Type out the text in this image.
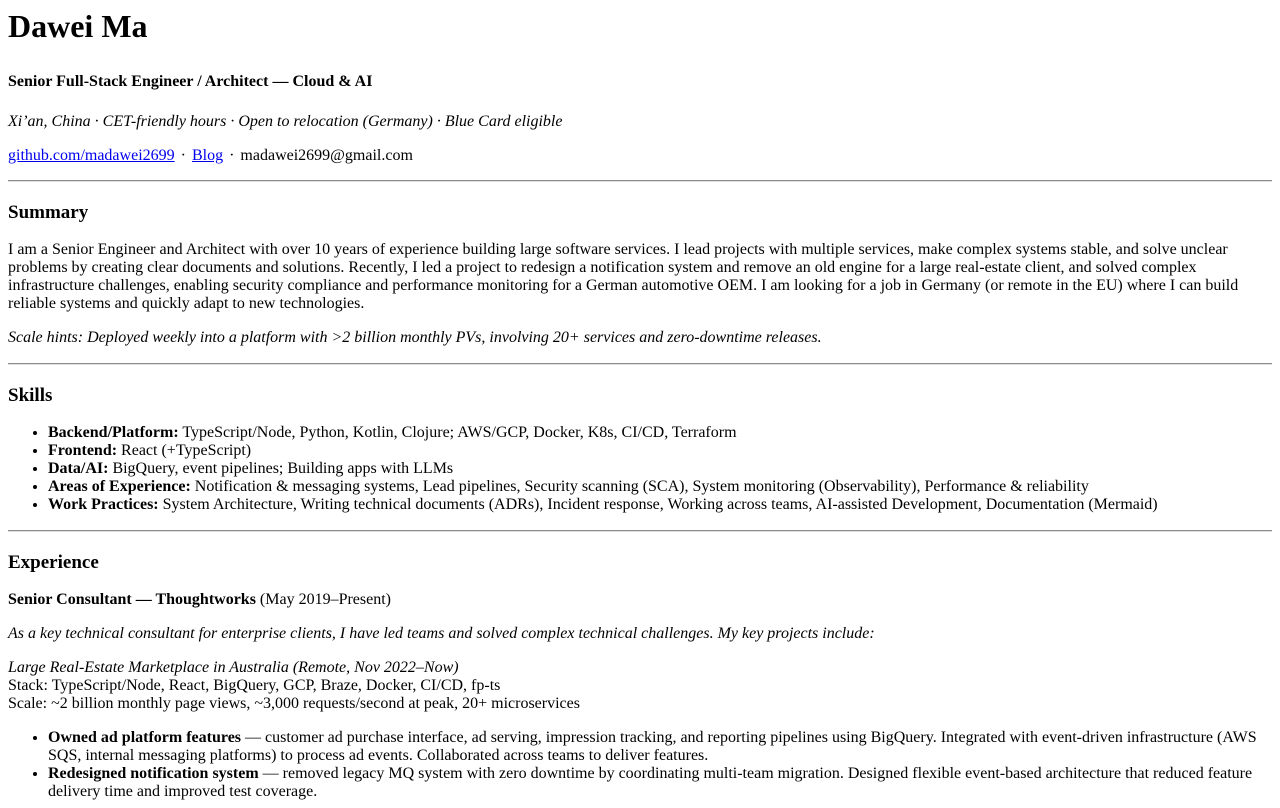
Dawei Ma

Senior Full-Stack Engineer / Architect — Cloud & AI

Xi’an, China · CET-friendly hours · Open to relocation (Germany) · Blue Card eligible

github.com/madawei2699 · Blog · madawei2699@gmail.com

Summary

I am a Senior Engineer and Architect with over 10 years of experience building large software services. I lead projects with multiple services, make complex systems stable, and solve unclear problems by creating clear documents and solutions. Recently, I led a project to redesign a notification system and remove an old engine for a large real-estate client, and solved complex infrastructure challenges, enabling security compliance and performance monitoring for a German automotive OEM. I am looking for a job in Germany (or remote in the EU) where I can build reliable systems and quickly adapt to new technologies.

Scale hints: Deployed weekly into a platform with >2 billion monthly PVs, involving 20+ services and zero-downtime releases.

Skills
• Backend/Platform: TypeScript/Node, Python, Kotlin, Clojure; AWS/GCP, Docker, K8s, CI/CD, Terraform
• Frontend: React (+TypeScript)
• Data/AI: BigQuery, event pipelines; Building apps with LLMs
• Areas of Experience: Notification & messaging systems, Lead pipelines, Security scanning (SCA), System monitoring (Observability), Performance & reliability
• Work Practices: System Architecture, Writing technical documents (ADRs), Incident response, Working across teams, AI-assisted Development, Documentation (Mermaid)
Experience

Senior Consultant — Thoughtworks (May 2019–Present)

As a key technical consultant for enterprise clients, I have led teams and solved complex technical challenges. My key projects include:

Large Real-Estate Marketplace in Australia (Remote, Nov 2022–Now)
Stack: TypeScript/Node, React, BigQuery, GCP, Braze, Docker, CI/CD, fp-ts
Scale: ~2 billion monthly page views, ~3,000 requests/second at peak, 20+ microservices

• Owned ad platform features — customer ad purchase interface, ad serving, impression tracking, and reporting pipelines using BigQuery. Integrated with event-driven infrastructure (AWS SQS, internal messaging platforms) to process ad events. Collaborated across teams to deliver features.
• Redesigned notification system — removed legacy MQ system with zero downtime by coordinating multi-team migration. Designed flexible event-based architecture that reduced feature delivery time and improved test coverage.
